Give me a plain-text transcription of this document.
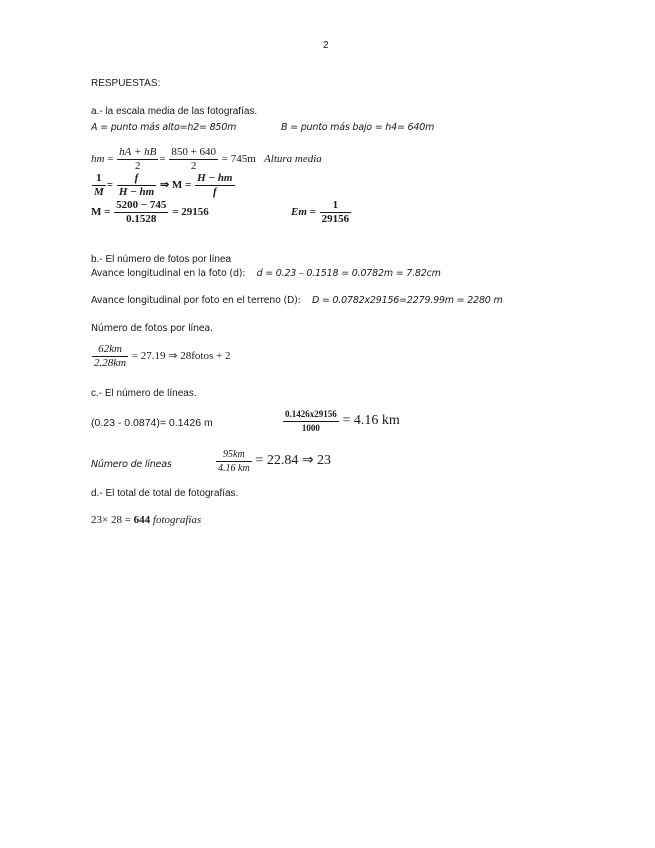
2
RESPUESTAS:
a.- la escala media de las fotografías.
A = punto más alto=h2= 850m	B = punto más bajo = h4= 640m
hm = $\frac{hA + hB}{2} = \frac{850 + 640}{2} = 745m$ Altura media
$\frac{1}{M} = \frac{f}{H - hm}$ ⇒ $M = \frac{H - hm}{f}$
$M = \frac{5200 - 745}{0.1528} = 29156$	$Em = \frac{1}{29156}$
b.- El número de fotos por línea
Avance longitudinal en la foto (d): d = 0.23 – 0.1518 = 0.0782m = 7.82cm
Avance longitudinal por foto en el terreno (D): D = 0.0782x29156=2279.99m = 2280 m
Número de fotos por línea.
$\frac{62km}{2.28km} = 27.19$ ⇒ 28fotos + 2
c.- El número de líneas.
(0.23 - 0.0874)= 0.1426 m	$\frac{0.1426x29156}{1000} = 4.16$ km
Número de líneas	$\frac{95km}{4.16 km} = 22.84$ ⇒ 23
d.- El total de total de fotografías.
23× 28 = 644 fotografías
